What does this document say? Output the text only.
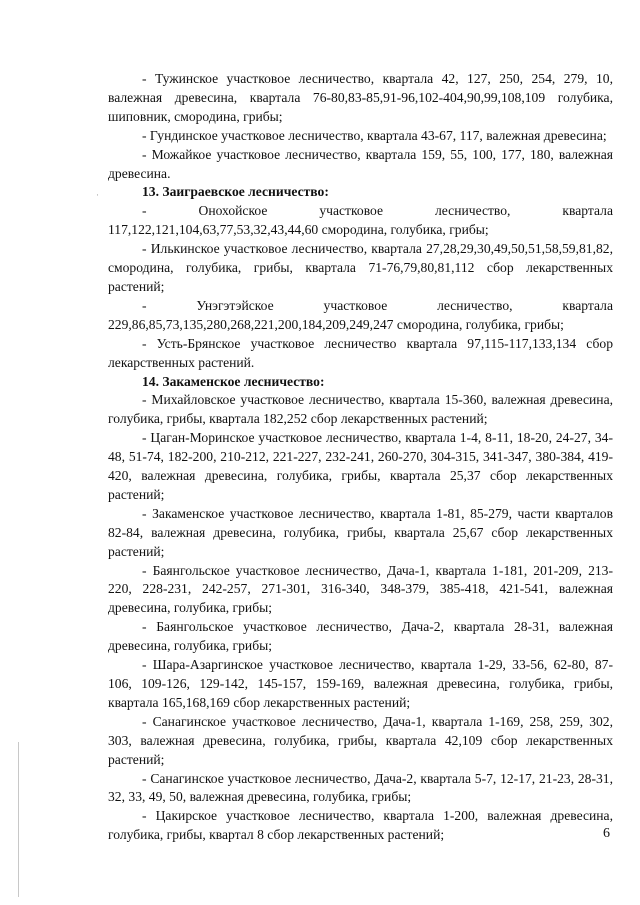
·

- Тужинское участковое лесничество, квартала 42, 127, 250, 254, 279, 10, валежная древесина, квартала 76-80,83-85,91-96,102-404,90,99,108,109 голубика, шиповник, смородина, грибы;

- Гундинское участковое лесничество, квартала 43-67, 117, валежная древесина;

- Можайкое участковое лесничество, квартала 159, 55, 100, 177, 180, валежная древесина.

13. Заиграевское лесничество:

- Онохойское участковое лесничество, квартала 117,122,121,104,63,77,53,32,43,44,60 смородина, голубика, грибы;

- Илькинское участковое лесничество, квартала 27,28,29,30,49,50,51,58,59,81,82, смородина, голубика, грибы, квартала 71-76,79,80,81,112 сбор лекарственных растений;

- Унэгэтэйское участковое лесничество, квартала 229,86,85,73,135,280,268,221,200,184,209,249,247 смородина, голубика, грибы;

- Усть-Брянское участковое лесничество квартала 97,115-117,133,134 сбор лекарственных растений.

14. Закаменское лесничество:

- Михайловское участковое лесничество, квартала 15-360, валежная древесина, голубика, грибы, квартала 182,252 сбор лекарственных растений;

- Цаган-Моринское участковое лесничество, квартала 1-4, 8-11, 18-20, 24-27, 34-48, 51-74, 182-200, 210-212, 221-227, 232-241, 260-270, 304-315, 341-347, 380-384, 419-420, валежная древесина, голубика, грибы, квартала 25,37 сбор лекарственных растений;

- Закаменское участковое лесничество, квартала 1-81, 85-279, части кварталов 82-84, валежная древесина, голубика, грибы, квартала 25,67 сбор лекарственных растений;

- Баянгольское участковое лесничество, Дача-1, квартала 1-181, 201-209, 213-220, 228-231, 242-257, 271-301, 316-340, 348-379, 385-418, 421-541, валежная древесина, голубика, грибы;

- Баянгольское участковое лесничество, Дача-2, квартала 28-31, валежная древесина, голубика, грибы;

- Шара-Азаргинское участковое лесничество, квартала 1-29, 33-56, 62-80, 87-106, 109-126, 129-142, 145-157, 159-169, валежная древесина, голубика, грибы, квартала 165,168,169 сбор лекарственных растений;

- Санагинское участковое лесничество, Дача-1, квартала 1-169, 258, 259, 302, 303, валежная древесина, голубика, грибы, квартала 42,109 сбор лекарственных растений;

- Санагинское участковое лесничество, Дача-2, квартала 5-7, 12-17, 21-23, 28-31, 32, 33, 49, 50, валежная древесина, голубика, грибы;

- Цакирское участковое лесничество, квартала 1-200, валежная древесина, голубика, грибы, квартал 8 сбор лекарственных растений;	6
